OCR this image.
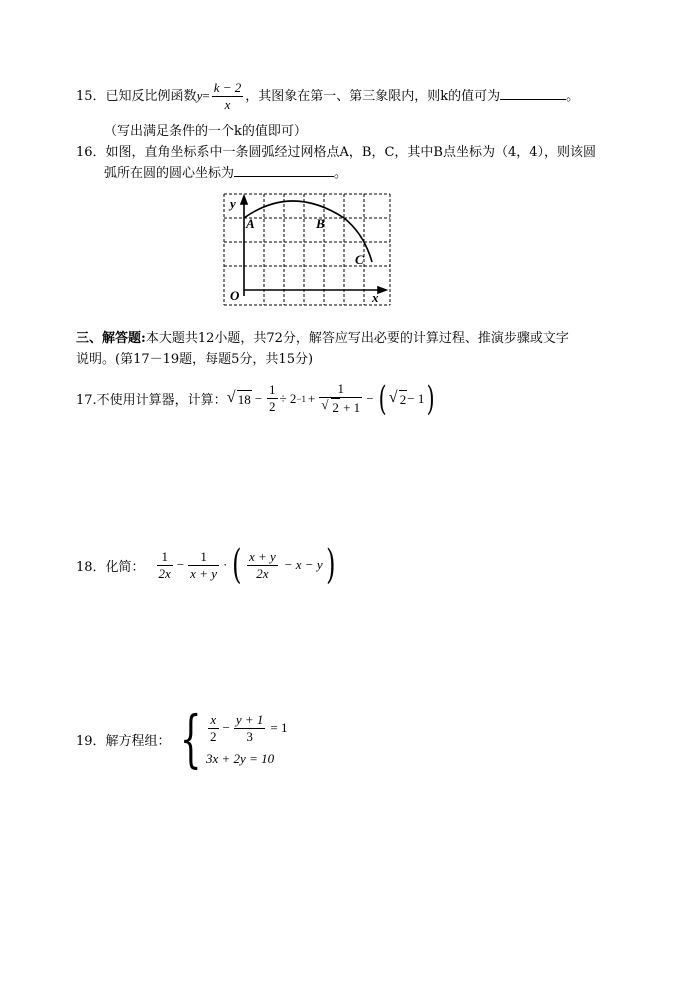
15．已知反比例函数$y= \frac{k - 2}{x}$ ，其图象在第一、第三象限内，则k的值可为	。
（写出满足条件的一个k的值即可）
16．如图，直角坐标系中一条圆弧经过网格点A，B，C，其中B点坐标为（4，4），则该圆
弧所在圆的圆心坐标为	。
y
x
O
A	B
C
三、解答题:本大题共12小题，共72分，解答应写出必要的计算过程、推演步骤或文字
说明。(第17－19题，每题5分，共15分)
17.不使用计算器，计算： √ $18 - \frac{1}{2} \div 2 -1 + \frac{1}{√ 2 + 1}$ − ( √ 2 − 1 )
18．化简： $\frac{1}{2x} - \frac{1}{x + y}$ · ( $\frac{x + y}{2x} - x - y$ )
19．解方程组： { $\frac{x}{2} - \frac{y + 1}{3} = 1$
3x + 2y = 10
